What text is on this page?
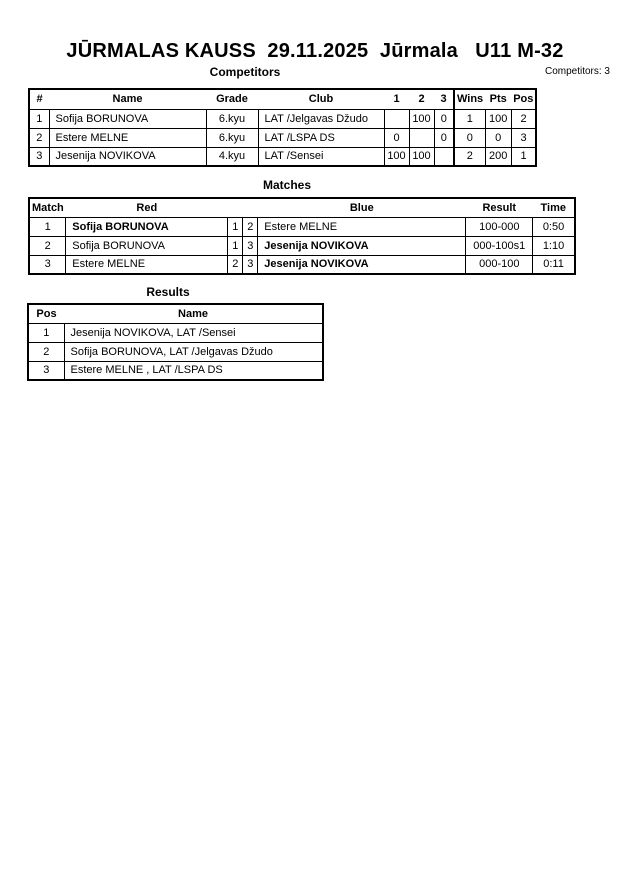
JŪRMALAS KAUSS  29.11.2025  Jūrmala   U11 M-32
Competitors	Competitors: 3
#	Name	Grade	Club	1	2	3	Wins	Pts	Pos
1	Sofija BORUNOVA	6.kyu	LAT /Jelgavas Džudo		100	0	1	100	2
2	Estere MELNE	6.kyu	LAT /LSPA DS	0		0	0	0	3
3	Jesenija NOVIKOVA	4.kyu	LAT /Sensei	100	100		2	200	1
Matches
Match	Red			Blue	Result	Time
1	Sofija BORUNOVA	1	2	Estere MELNE	100-000	0:50
2	Sofija BORUNOVA	1	3	Jesenija NOVIKOVA	000-100s1	1:10
3	Estere MELNE	2	3	Jesenija NOVIKOVA	000-100	0:11
Results
Pos	Name
1	Jesenija NOVIKOVA, LAT /Sensei
2	Sofija BORUNOVA, LAT /Jelgavas Džudo
3	Estere MELNE , LAT /LSPA DS
